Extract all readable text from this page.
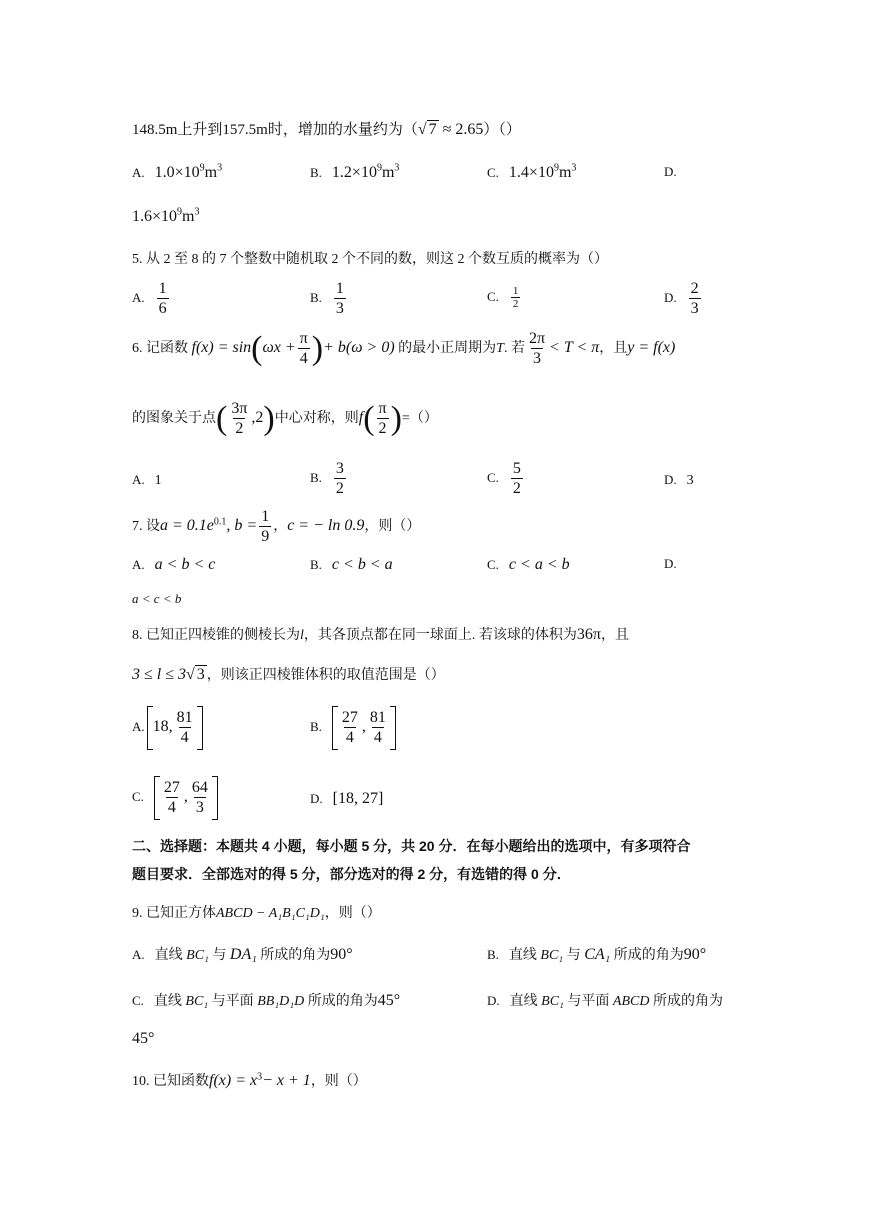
148.5m上升到157.5m时，增加的水量约为（√ 7 ≈ 2.65）（）
A. $1.0\times 10^9m^3$	B. $1.2\times 10^9m^3$	C. $1.4\times 10^9m^3$	D.
$1.6\times 10^9m^3$
5. 从 2 至 8 的 7 个整数中随机取 2 个不同的数，则这 2 个数互质的概率为（）
A. $\frac{1}{6}$	B. $\frac{1}{3}$	C. $\frac{1}{2}$	D. $\frac{2}{3}$
6. 记函数 $f(x) = \sin(\omega x + \frac{\pi}{4}$ )+ b(ω > 0) 的最小正周期为T. 若 $\frac{2\pi}{3} < T < \pi$，且y = f(x)
的图象关于点( $\frac{3\pi}{2} ,2$)中心对称，则$f( \frac{\pi}{2}$ )=（）
A. 1	B. $\frac{3}{2}$	C. $\frac{5}{2}$	D. 3
7. 设$a = 0.1e^{0.1}$, $b = \frac{1}{9}$ ，c = − ln 0.9，则（）
A. a < b < c	B. c < b < a	C. c < a < b	D.
a < c < b
8. 已知正四棱锥的侧棱长为l，其各顶点都在同一球面上. 若该球的体积为36π，且
3 ≤ l ≤ 3√ 3 ，则该正四棱锥体积的取值范围是（）
A. 18, $\frac{81}{4}$	B. $\frac{27}{4}$ , $\frac{81}{4}$
C. $\frac{27}{4}$ , $\frac{64}{3}$	D. [18, 27]
二、选择题：本题共 4 小题，每小题 5 分，共 20 分．在每小题给出的选项中，有多项符合
题目要求．全部选对的得 5 分，部分选对的得 2 分，有选错的得 0 分．
9. 已知正方体ABCD − A₁B₁C₁D₁，则（）
A. 直线 BC₁ 与 DA₁ 所成的角为90°	B. 直线 BC₁ 与 CA₁ 所成的角为90°
C. 直线 BC₁ 与平面 BB₁D₁D 所成的角为45°	D. 直线 BC₁ 与平面 ABCD 所成的角为
45°
10. 已知函数$f(x) = x^3- x + 1$，则（）
